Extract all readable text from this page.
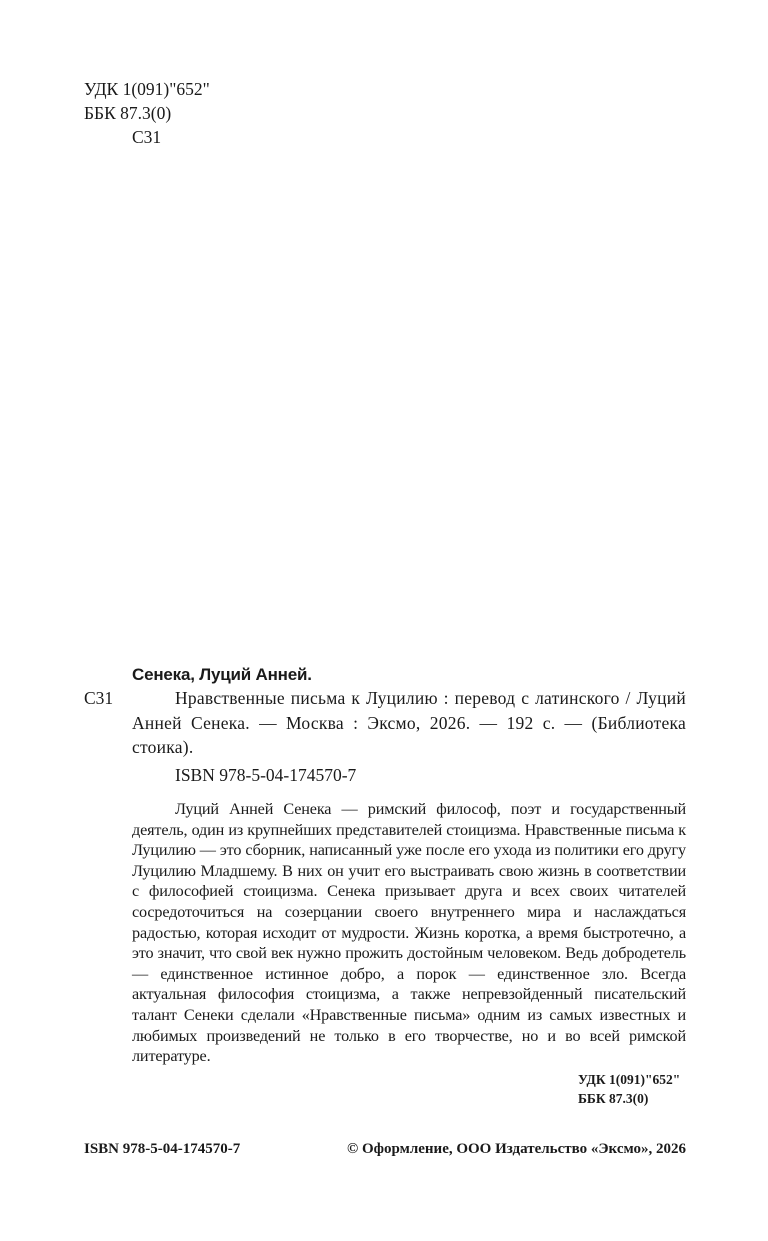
УДК 1(091)"652"
ББК 87.3(0)
С31
Сенека, Луций Анней.
С31	Нравственные письма к Луцилию : перевод с латинского / Луций Анней Сенека. — Москва : Эксмо, 2026. — 192 с. — (Библиотека стоика).
ISBN 978-5-04-174570-7
Луций Анней Сенека — римский философ, поэт и государственный деятель, один из крупнейших представителей стоицизма. Нравственные письма к Луцилию — это сборник, написанный уже после его ухода из политики его другу Луцилию Младшему. В них он учит его выстраивать свою жизнь в соответствии с философией стоицизма. Сенека призывает друга и всех своих читателей сосредоточиться на созерцании своего внутреннего мира и наслаждаться радостью, которая исходит от мудрости. Жизнь коротка, а время быстротечно, а это значит, что свой век нужно прожить достойным человеком. Ведь добродетель — единственное истинное добро, а порок — единственное зло. Всегда актуальная философия стоицизма, а также непревзойденный писательский талант Сенеки сделали «Нравственные письма» одним из самых известных и любимых произведений не только в его творчестве, но и во всей римской литературе.
УДК 1(091)"652"
ББК 87.3(0)
ISBN 978-5-04-174570-7	© Оформление, ООО Издательство «Эксмо», 2026
